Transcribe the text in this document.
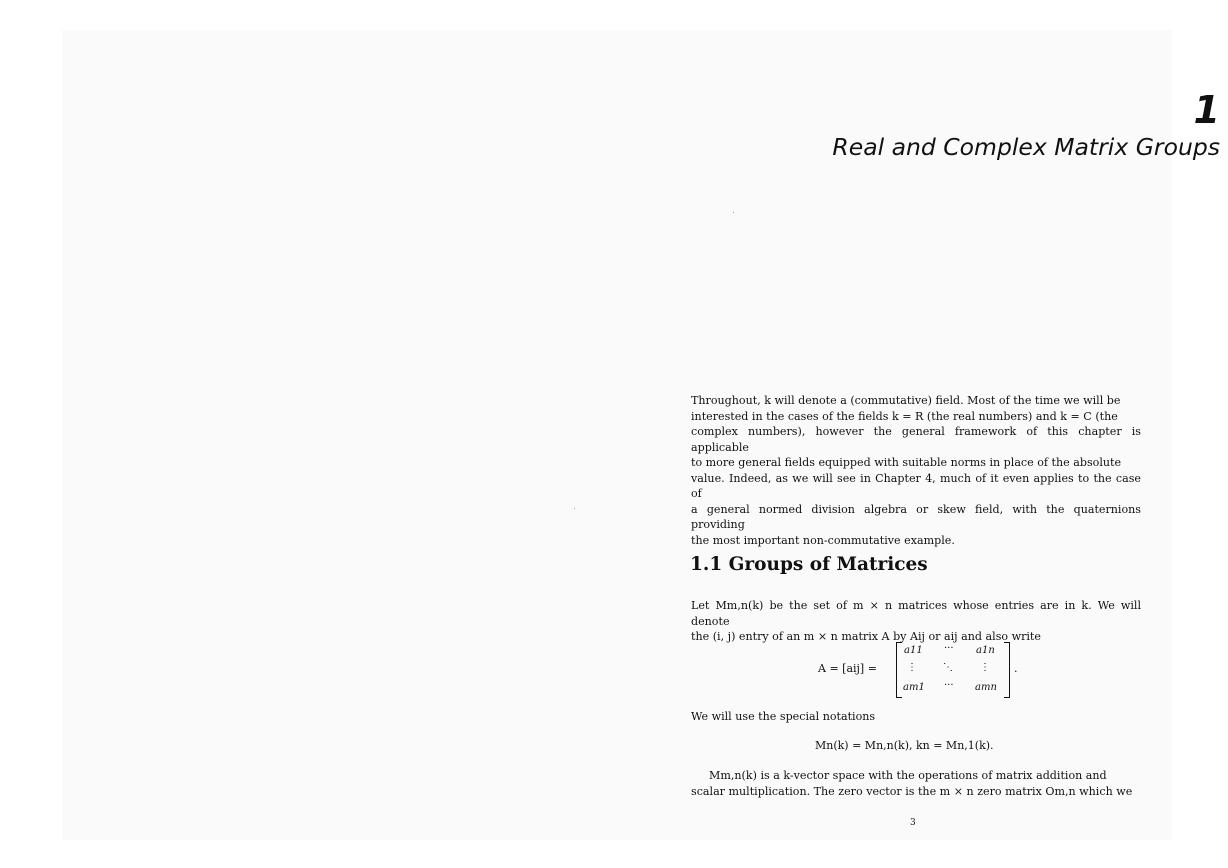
1
Real and Complex Matrix Groups
Throughout, k will denote a (commutative) field. Most of the time we will be
interested in the cases of the fields k = R (the real numbers) and k = C (the
complex numbers), however the general framework of this chapter is applicable
to more general fields equipped with suitable norms in place of the absolute
value. Indeed, as we will see in Chapter 4, much of it even applies to the case of
a general normed division algebra or skew field, with the quaternions providing
the most important non-commutative example.
1.1 Groups of Matrices
Let Mm,n(k) be the set of m × n matrices whose entries are in k. We will denote
the (i, j) entry of an m × n matrix A by Aij or aij and also write
A = [aij] =
a11 ··· a1n
⋮	⋱	⋮
am1 ··· amn
.
We will use the special notations
Mn(k) = Mn,n(k), kn = Mn,1(k).
Mm,n(k) is a k-vector space with the operations of matrix addition and
scalar multiplication. The zero vector is the m × n zero matrix Om,n which we
3
